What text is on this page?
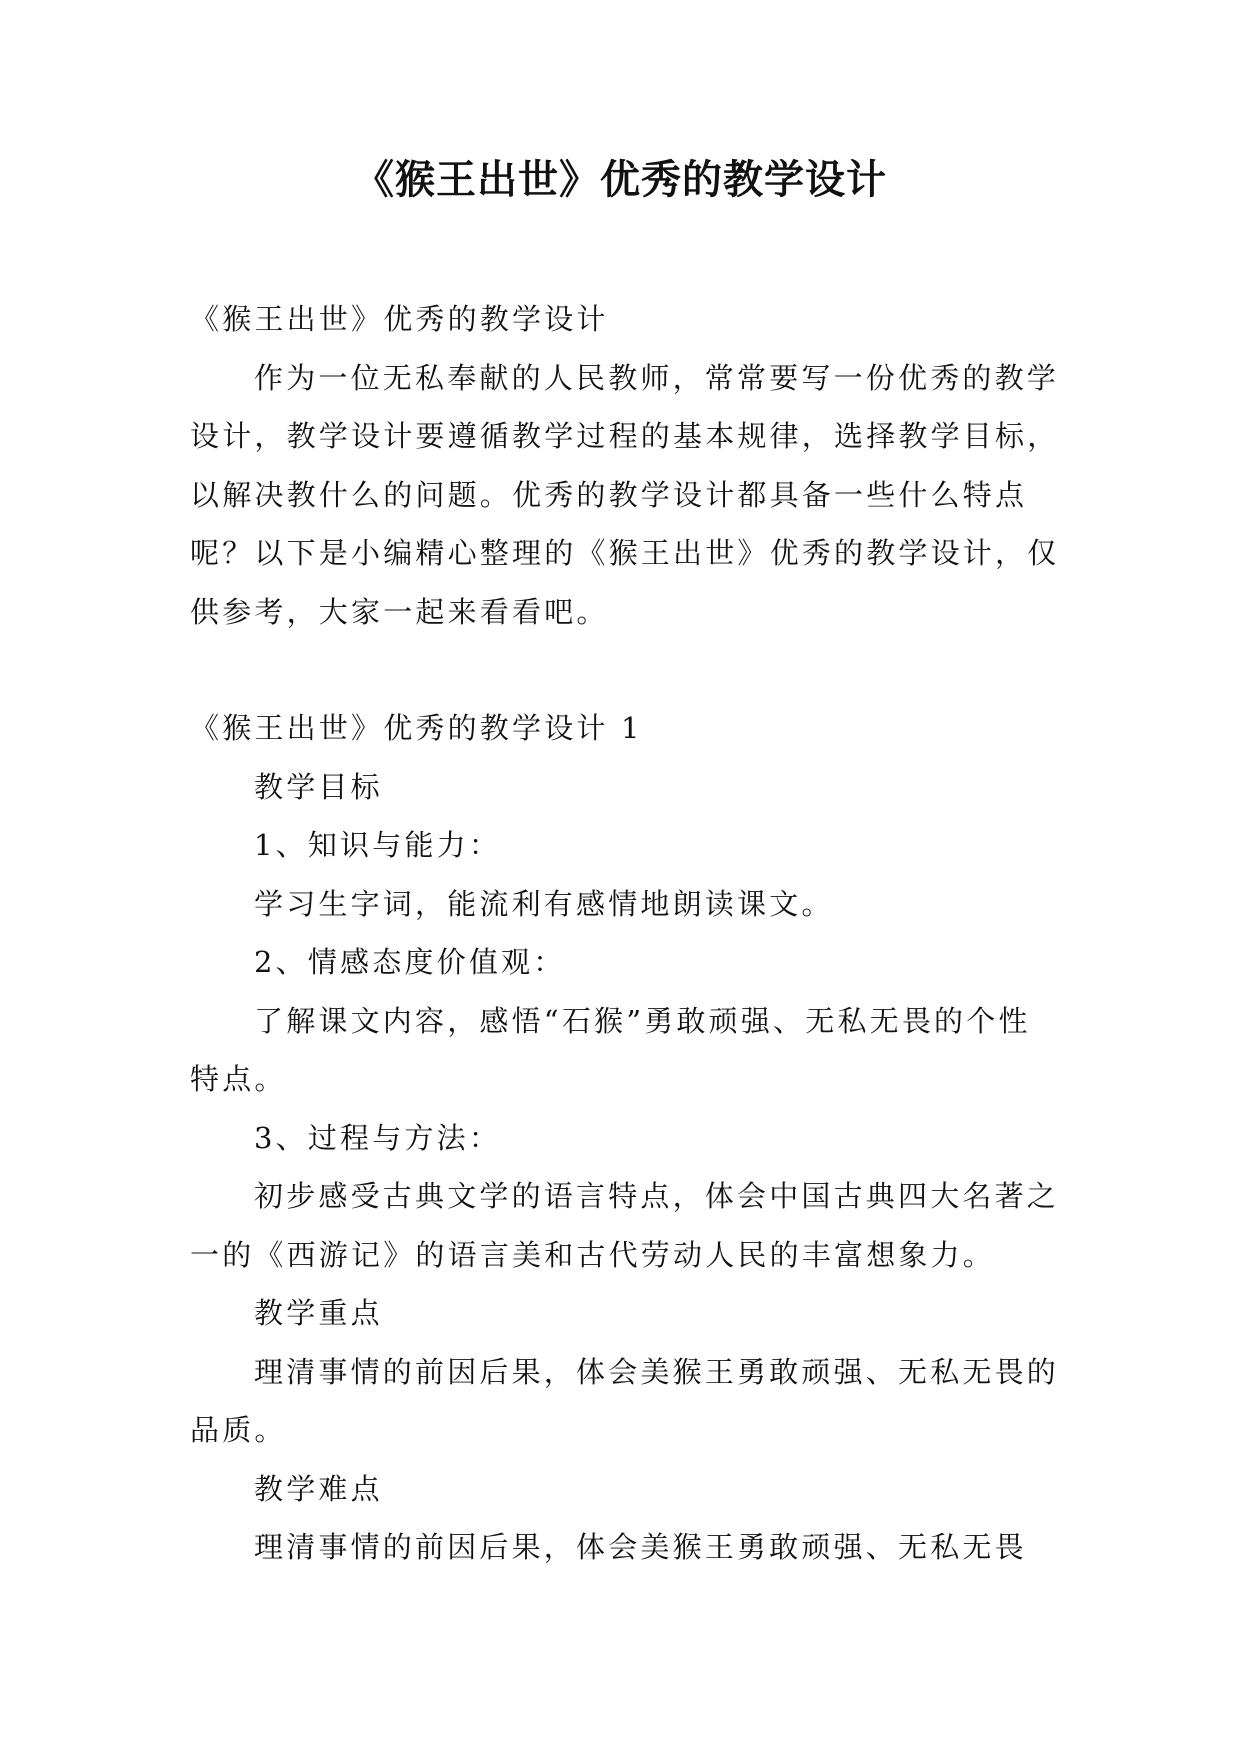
《猴王出世》优秀的教学设计

《猴王出世》优秀的教学设计

作为一位无私奉献的人民教师，常常要写一份优秀的教学设计，教学设计要遵循教学过程的基本规律，选择教学目标，以解决教什么的问题。优秀的教学设计都具备一些什么特点呢？以下是小编精心整理的《猴王出世》优秀的教学设计，仅供参考，大家一起来看看吧。

《猴王出世》优秀的教学设计 1

教学目标

1、知识与能力：

学习生字词，能流利有感情地朗读课文。

2、情感态度价值观：

了解课文内容，感悟“石猴”勇敢顽强、无私无畏的个性特点。

3、过程与方法：

初步感受古典文学的语言特点，体会中国古典四大名著之一的《西游记》的语言美和古代劳动人民的丰富想象力。

教学重点

理清事情的前因后果，体会美猴王勇敢顽强、无私无畏的品质。

教学难点

理清事情的前因后果，体会美猴王勇敢顽强、无私无畏
